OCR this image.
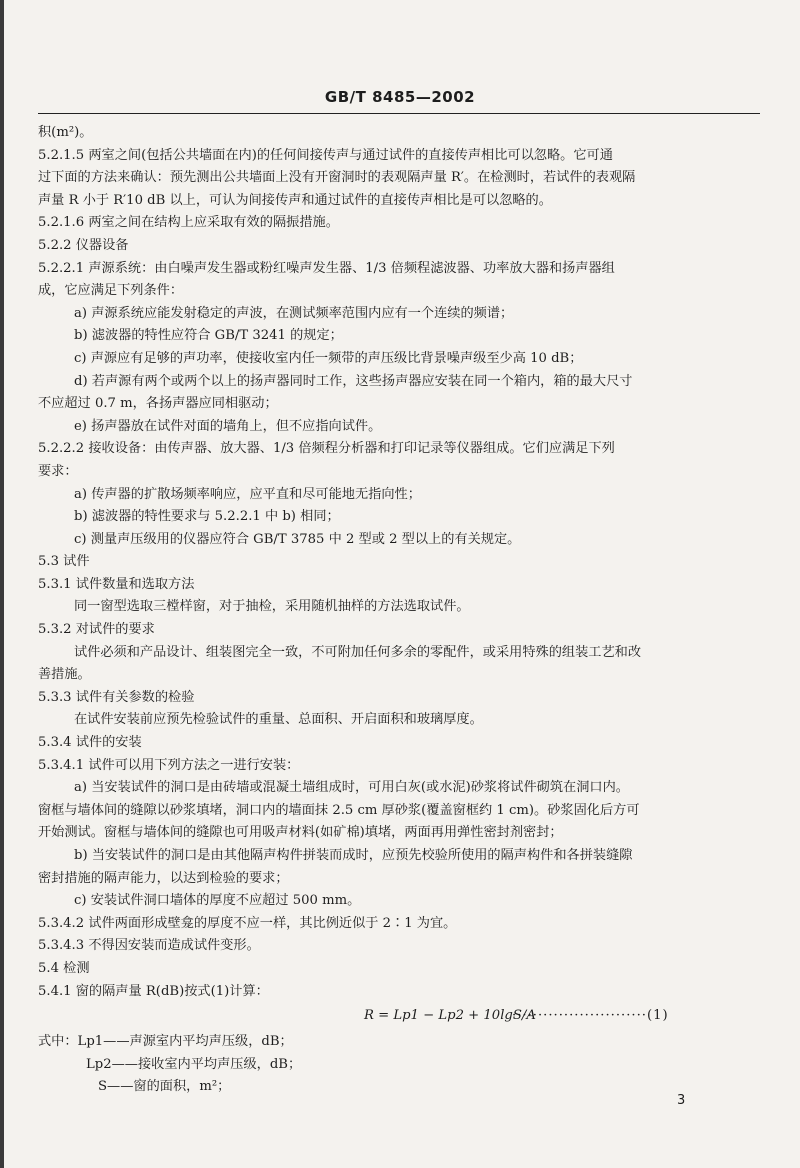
GB/T 8485—2002
积(m²)。
5.2.1.5 两室之间(包括公共墙面在内)的任何间接传声与通过试件的直接传声相比可以忽略。它可通
过下面的方法来确认：预先测出公共墙面上没有开窗洞时的表观隔声量 R′。在检测时，若试件的表观隔
声量 R 小于 R′10 dB 以上，可认为间接传声和通过试件的直接传声相比是可以忽略的。
5.2.1.6 两室之间在结构上应采取有效的隔振措施。
5.2.2 仪器设备
5.2.2.1 声源系统：由白噪声发生器或粉红噪声发生器、1/3 倍频程滤波器、功率放大器和扬声器组
成，它应满足下列条件：
a) 声源系统应能发射稳定的声波，在测试频率范围内应有一个连续的频谱；
b) 滤波器的特性应符合 GB/T 3241 的规定；
c) 声源应有足够的声功率，使接收室内任一频带的声压级比背景噪声级至少高 10 dB；
d) 若声源有两个或两个以上的扬声器同时工作，这些扬声器应安装在同一个箱内，箱的最大尺寸
不应超过 0.7 m，各扬声器应同相驱动；
e) 扬声器放在试件对面的墙角上，但不应指向试件。
5.2.2.2 接收设备：由传声器、放大器、1/3 倍频程分析器和打印记录等仪器组成。它们应满足下列
要求：
a) 传声器的扩散场频率响应，应平直和尽可能地无指向性；
b) 滤波器的特性要求与 5.2.2.1 中 b) 相同；
c) 测量声压级用的仪器应符合 GB/T 3785 中 2 型或 2 型以上的有关规定。
5.3 试件
5.3.1 试件数量和选取方法
同一窗型选取三樘样窗，对于抽检，采用随机抽样的方法选取试件。
5.3.2 对试件的要求
试件必须和产品设计、组装图完全一致，不可附加任何多余的零配件，或采用特殊的组装工艺和改
善措施。
5.3.3 试件有关参数的检验
在试件安装前应预先检验试件的重量、总面积、开启面积和玻璃厚度。
5.3.4 试件的安装
5.3.4.1 试件可以用下列方法之一进行安装：
a) 当安装试件的洞口是由砖墙或混凝土墙组成时，可用白灰(或水泥)砂浆将试件砌筑在洞口内。
窗框与墙体间的缝隙以砂浆填堵，洞口内的墙面抹 2.5 cm 厚砂浆(覆盖窗框约 1 cm)。砂浆固化后方可
开始测试。窗框与墙体间的缝隙也可用吸声材料(如矿棉)填堵，两面再用弹性密封剂密封；
b) 当安装试件的洞口是由其他隔声构件拼装而成时，应预先校验所使用的隔声构件和各拼装缝隙
密封措施的隔声能力，以达到检验的要求；
c) 安装试件洞口墙体的厚度不应超过 500 mm。
5.3.4.2 试件两面形成壁龛的厚度不应一样，其比例近似于 2∶1 为宜。
5.3.4.3 不得因安装而造成试件变形。
5.4 检测
5.4.1 窗的隔声量 R(dB)按式(1)计算：
R = Lp1 − Lp2 + 10lgS/A
··························(1)
式中：Lp1——声源室内平均声压级，dB；
Lp2——接收室内平均声压级，dB；
S——窗的面积，m²；
3
